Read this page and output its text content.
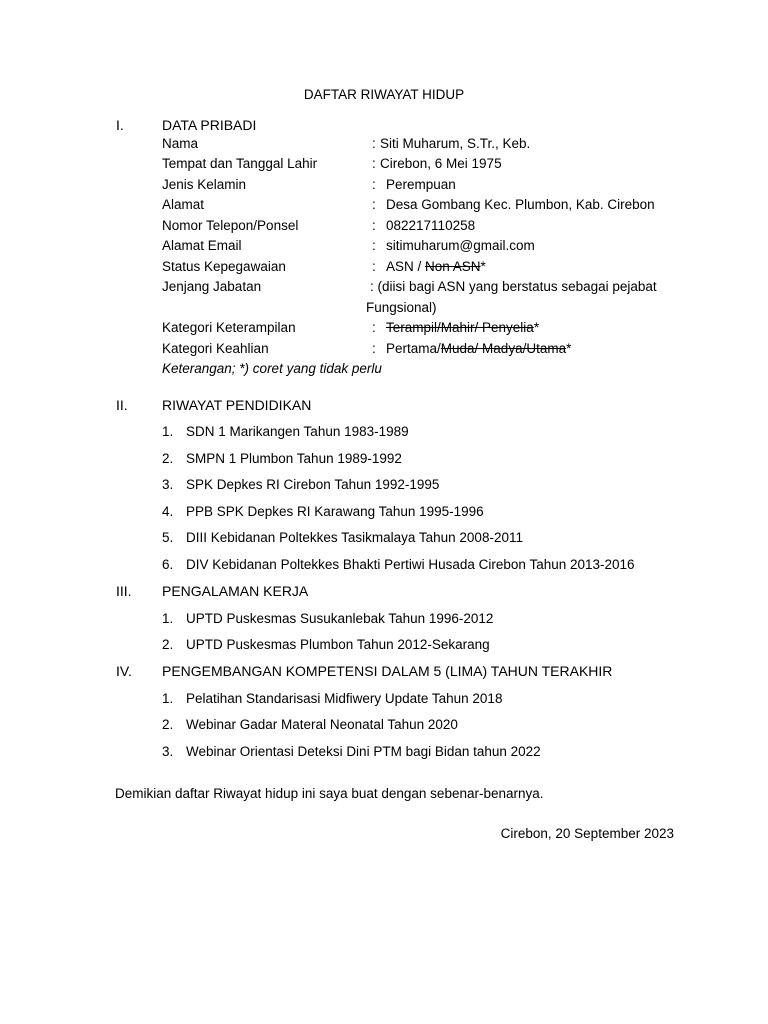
DAFTAR RIWAYAT HIDUP
I.	DATA PRIBADI
Nama	: Siti Muharum, S.Tr., Keb.
Tempat dan Tanggal Lahir	: Cirebon, 6 Mei 1975
Jenis Kelamin	: Perempuan
Alamat	: Desa Gombang Kec. Plumbon, Kab. Cirebon
Nomor Telepon/Ponsel	: 082217110258
Alamat Email	: sitimuharum@gmail.com
Status Kepegawaian	: ASN / Non ASN*
Jenjang Jabatan	: (diisi bagi ASN yang berstatus sebagai pejabat
Fungsional)
Kategori Keterampilan	: Terampil/Mahir/ Penyelia*
Kategori Keahlian	: Pertama/Muda/ Madya/Utama*
Keterangan; *) coret yang tidak perlu
II. RIWAYAT PENDIDIKAN
1. SDN 1 Marikangen Tahun 1983-1989
2. SMPN 1 Plumbon Tahun 1989-1992
3. SPK Depkes RI Cirebon Tahun 1992-1995
4. PPB SPK Depkes RI Karawang Tahun 1995-1996
5. DIII Kebidanan Poltekkes Tasikmalaya Tahun 2008-2011
6. DIV Kebidanan Poltekkes Bhakti Pertiwi Husada Cirebon Tahun 2013-2016
III. PENGALAMAN KERJA
1. UPTD Puskesmas Susukanlebak Tahun 1996-2012
2. UPTD Puskesmas Plumbon Tahun 2012-Sekarang
IV. PENGEMBANGAN KOMPETENSI DALAM 5 (LIMA) TAHUN TERAKHIR
1. Pelatihan Standarisasi Midfiwery Update Tahun 2018
2. Webinar Gadar Materal Neonatal Tahun 2020
3. Webinar Orientasi Deteksi Dini PTM bagi Bidan tahun 2022
Demikian daftar Riwayat hidup ini saya buat dengan sebenar-benarnya.
Cirebon, 20 September 2023
